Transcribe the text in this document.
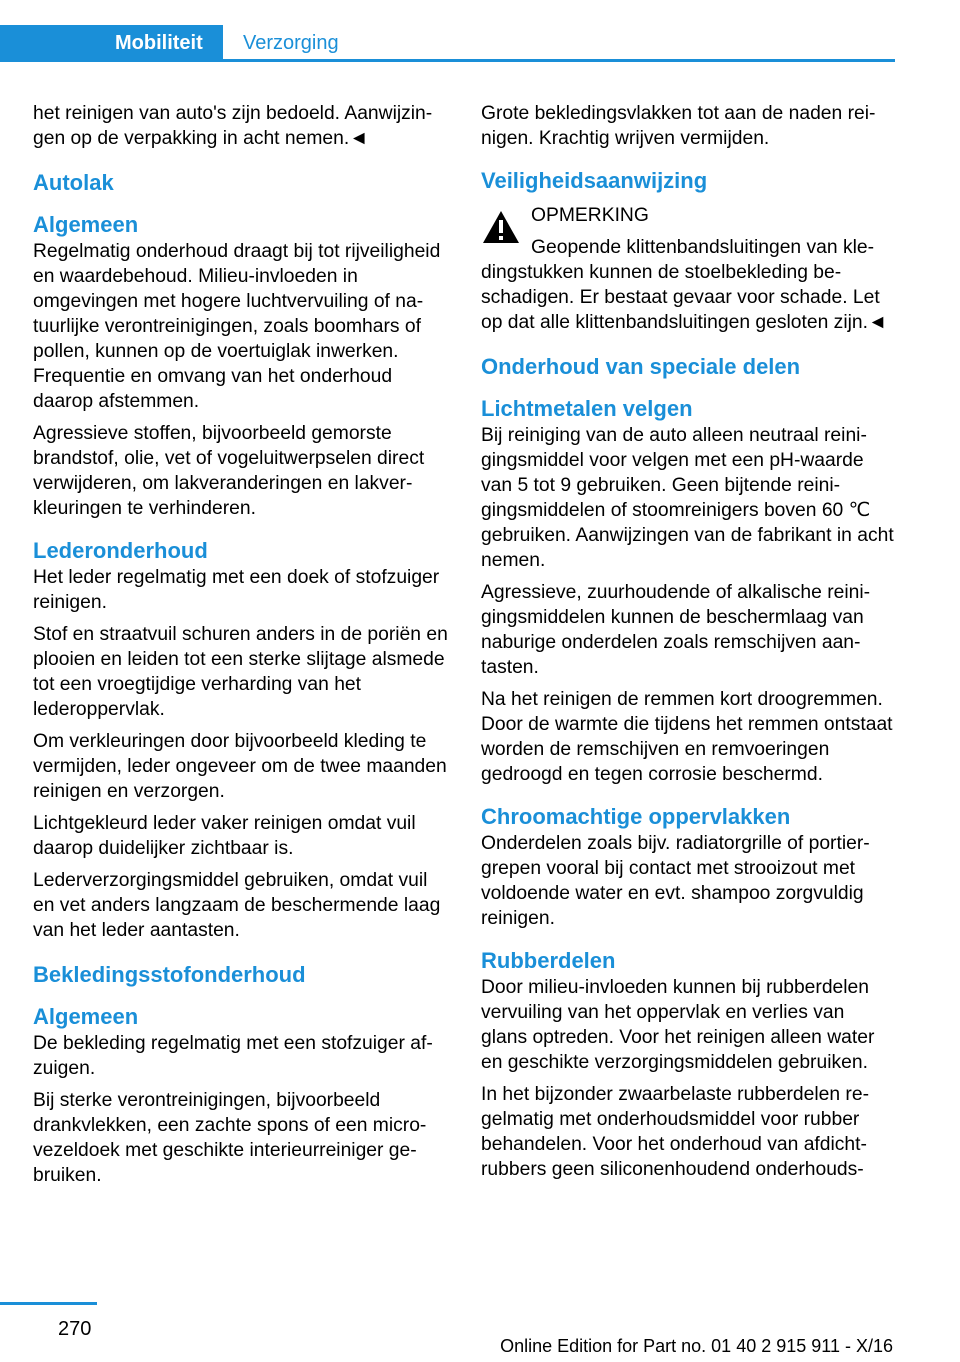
Mobiliteit	Verzorging

het reinigen van auto's zijn bedoeld. Aanwijzingen op de verpakking in acht nemen.◄

Autolak
Algemeen

Regelmatig onderhoud draagt bij tot rijveiligheid en waardebehoud. Milieu-invloeden in omgevingen met hogere luchtvervuiling of natuurlijke verontreinigingen, zoals boomhars of pollen, kunnen op de voertuiglak inwerken. Frequentie en omvang van het onderhoud daarop afstemmen.

Agressieve stoffen, bijvoorbeeld gemorste brandstof, olie, vet of vogeluitwerpselen direct verwijderen, om lakveranderingen en lakverkleuringen te verhinderen.

Lederonderhoud

Het leder regelmatig met een doek of stofzuiger reinigen.

Stof en straatvuil schuren anders in de poriën en plooien en leiden tot een sterke slijtage alsmede tot een vroegtijdige verharding van het lederoppervlak.

Om verkleuringen door bijvoorbeeld kleding te vermijden, leder ongeveer om de twee maanden reinigen en verzorgen.

Lichtgekleurd leder vaker reinigen omdat vuil daarop duidelijker zichtbaar is.

Lederverzorgingsmiddel gebruiken, omdat vuil en vet anders langzaam de beschermende laag van het leder aantasten.

Bekledingsstofonderhoud
Algemeen

De bekleding regelmatig met een stofzuiger afzuigen.

Bij sterke verontreinigingen, bijvoorbeeld drankvlekken, een zachte spons of een microvezeldoek met geschikte interieurreiniger gebruiken.

Grote bekledingsvlakken tot aan de naden reinigen. Krachtig wrijven vermijden.

Veiligheidsaanwijzing

OPMERKING

Geopende klittenbandsluitingen van kledingstukken kunnen de stoelbekleding beschadigen. Er bestaat gevaar voor schade. Let op dat alle klittenbandsluitingen gesloten zijn.◄

Onderhoud van speciale delen
Lichtmetalen velgen

Bij reiniging van de auto alleen neutraal reinigingsmiddel voor velgen met een pH-waarde van 5 tot 9 gebruiken. Geen bijtende reinigingsmiddelen of stoomreinigers boven 60 ℃ gebruiken. Aanwijzingen van de fabrikant in acht nemen.

Agressieve, zuurhoudende of alkalische reinigingsmiddelen kunnen de beschermlaag van naburige onderdelen zoals remschijven aantasten.

Na het reinigen de remmen kort droogremmen. Door de warmte die tijdens het remmen ontstaat worden de remschijven en remvoeringen gedroogd en tegen corrosie beschermd.

Chroomachtige oppervlakken

Onderdelen zoals bijv. radiatorgrille of portiergrepen vooral bij contact met strooizout met voldoende water en evt. shampoo zorgvuldig reinigen.

Rubberdelen

Door milieu-invloeden kunnen bij rubberdelen vervuiling van het oppervlak en verlies van glans optreden. Voor het reinigen alleen water en geschikte verzorgingsmiddelen gebruiken.

In het bijzonder zwaarbelaste rubberdelen regelmatig met onderhoudsmiddel voor rubber behandelen. Voor het onderhoud van afdichtrubbers geen siliconenhoudend onderhouds-

270
Online Edition for Part no. 01 40 2 915 911 - X/16
